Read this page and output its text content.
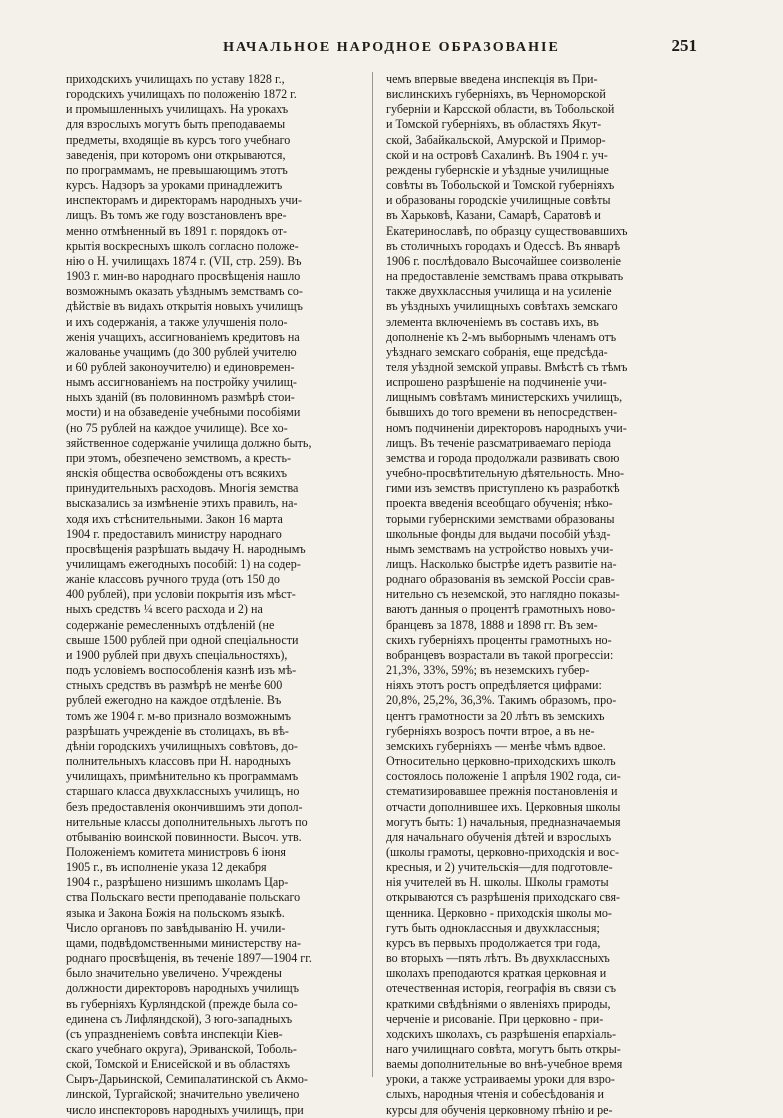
НАЧАЛЬНОЕ НАРОДНОЕ ОБРАЗОВАНІЕ	251
приходскихъ училищахъ по уставу 1828 г.,
городскихъ училищахъ по положенію 1872 г.
и промышленныхъ училищахъ. На урокахъ
для взрослыхъ могутъ быть преподаваемы
предметы, входящіе въ курсъ того учебнаго
заведенія, при которомъ они открываются,
по программамъ, не превышающимъ этотъ
курсъ. Надзоръ за уроками принадлежитъ
инспекторамъ и директорамъ народныхъ учи-
лищъ. Въ томъ же году возстановленъ вре-
менно отмѣненный въ 1891 г. порядокъ от-
крытія воскресныхъ школъ согласно положе-
нію о Н. училищахъ 1874 г. (VII, стр. 259). Въ
1903 г. мин-во народнаго просвѣщенія нашло
возможнымъ оказать уѣзднымъ земствамъ со-
дѣйствіе въ видахъ открытія новыхъ училищъ
и ихъ содержанія, а также улучшенія поло-
женія учащихъ, ассигнованіемъ кредитовъ на
жалованье учащимъ (до 300 рублей учителю
и 60 рублей законоучителю) и единовремен-
нымъ ассигнованіемъ на постройку училищ-
ныхъ зданій (въ половинномъ размѣрѣ стои-
мости) и на обзаведеніе учебными пособіями
(но 75 рублей на каждое училище). Все хо-
зяйственное содержаніе училища должно быть,
при этомъ, обезпечено земствомъ, а кресть-
янскія общества освобождены отъ всякихъ
принудительныхъ расходовъ. Многія земства
высказались за измѣненіе этихъ правилъ, на-
ходя ихъ стѣснительными. Закон 16 марта
1904 г. предоставилъ министру народнаго
просвѣщенія разрѣшать выдачу Н. народнымъ
училищамъ ежегодныхъ пособій: 1) на содер-
жаніе классовъ ручного труда (отъ 150 до
400 рублей), при условіи покрытія изъ мѣст-
ныхъ средствъ ¼ всего расхода и 2) на
содержаніе ремесленныхъ отдѣленій (не
свыше 1500 рублей при одной спеціальности
и 1900 рублей при двухъ спеціальностяхъ),
подъ условіемъ воспособленія казнѣ изъ мѣ-
стныхъ средствъ въ размѣрѣ не менѣе 600
рублей ежегодно на каждое отдѣленіе. Въ
томъ же 1904 г. м-во признало возможнымъ
разрѣшать учрежденіе въ столицахъ, въ вѣ-
дѣніи городскихъ училищныхъ совѣтовъ, до-
полнительныхъ классовъ при Н. народныхъ
училищахъ, примѣнительно къ программамъ
старшаго класса двухклассныхъ училищъ, но
безъ предоставленія окончившимъ эти допол-
нительные классы дополнительныхъ льготъ по
отбыванію воинской повинности. Высоч. утв.
Положеніемъ комитета министровъ 6 іюня
1905 г., въ исполненіе указа 12 декабря
1904 г., разрѣшено низшимъ школамъ Цар-
ства Польскаго вести преподаваніе польскаго
языка и Закона Божія на польскомъ языкѣ.
Число органовъ по завѣдыванію Н. учили-
щами, подвѣдомственными министерству на-
роднаго просвѣщенія, въ теченіе 1897—1904 гг.
было значительно увеличено. Учреждены
должности директоровъ народныхъ училищъ
въ губерніяхъ Курляндской (прежде была со-
единена съ Лифляндской), 3 юго-западныхъ
(съ упраздненіемъ совѣта инспекціи Кіев-
скаго учебнаго округа), Эриванской, Тоболь-
ской, Томской и Енисейской и въ областяхъ
Сыръ-Дарьинской, Семипалатинской съ Акмо-
линской, Тургайской; значительно увеличено
число инспекторовъ народныхъ училищъ, при
чемъ впервые введена инспекція въ При-
вислинскихъ губерніяхъ, въ Черноморской
губерніи и Карсской области, въ Тобольской
и Томской губерніяхъ, въ областяхъ Якут-
ской, Забайкальской, Амурской и Примор-
ской и на островѣ Сахалинѣ. Въ 1904 г. уч-
реждены губернскіе и уѣздные училищные
совѣты въ Тобольской и Томской губерніяхъ
и образованы городскіе училищные совѣты
въ Харьковѣ, Казани, Самарѣ, Саратовѣ и
Екатеринославѣ, по образцу существовавшихъ
въ столичныхъ городахъ и Одессѣ. Въ январѣ
1906 г. послѣдовало Высочайшее соизволеніе
на предоставленіе земствамъ права открывать
также двухклассныя училища и на усиленіе
въ уѣздныхъ училищныхъ совѣтахъ земскаго
элемента включеніемъ въ составъ ихъ, въ
дополненіе къ 2-мъ выборнымъ членамъ отъ
уѣзднаго земскаго собранія, еще предсѣда-
теля уѣздной земской управы. Вмѣстѣ съ тѣмъ
испрошено разрѣшеніе на подчиненіе учи-
лищнымъ совѣтамъ министерскихъ училищъ,
бывшихъ до того времени въ непосредствен-
номъ подчиненіи директоровъ народныхъ учи-
лищъ. Въ теченіе разсматриваемаго періода
земства и города продолжали развивать свою
учебно-просвѣтительную дѣятельность. Мно-
гими изъ земствъ приступлено къ разработкѣ
проекта введенія всеобщаго обученія; нѣко-
торыми губернскими земствами образованы
школьные фонды для выдачи пособій уѣзд-
нымъ земствамъ на устройство новыхъ учи-
лищъ. Насколько быстрѣе идетъ развитіе на-
роднаго образованія въ земской Россіи срав-
нительно съ неземской, это наглядно показы-
ваютъ данныя о процентѣ грамотныхъ ново-
бранцевъ за 1878, 1888 и 1898 гг. Въ зем-
скихъ губерніяхъ проценты грамотныхъ но-
вобранцевъ возрастали въ такой прогрессіи:
21,3%, 33%, 59%; въ неземскихъ губер-
ніяхъ этотъ ростъ опредѣляется цифрами:
20,8%, 25,2%, 36,3%. Такимъ образомъ, про-
центъ грамотности за 20 лѣтъ въ земскихъ
губерніяхъ возросъ почти втрое, а въ не-
земскихъ губерніяхъ — менѣе чѣмъ вдвое.
Относительно церковно-приходскихъ школъ
состоялось положеніе 1 апрѣля 1902 года, си-
стематизировавшее прежнія постановленія и
отчасти дополнившее ихъ. Церковныя школы
могутъ быть: 1) начальныя, предназначаемыя
для начальнаго обученія дѣтей и взрослыхъ
(школы грамоты, церковно-приходскія и вос-
кресныя, и 2) учительскія—для подготовле-
нія учителей въ Н. школы. Школы грамоты
открываются съ разрѣшенія приходскаго свя-
щенника. Церковно - приходскія школы мо-
гутъ быть одноклассныя и двухклассныя;
курсъ въ первыхъ продолжается три года,
во вторыхъ —пять лѣтъ. Въ двухклассныхъ
школахъ преподаются краткая церковная и
отечественная исторія, географія въ связи съ
краткими свѣдѣніями о явленіяхъ природы,
черченіе и рисованіе. При церковно - при-
ходскихъ школахъ, съ разрѣшенія епархіаль-
наго училищнаго совѣта, могутъ быть откры-
ваемы дополнительные во внѣ-учебное время
уроки, а также устраиваемы уроки для взро-
слыхъ, народныя чтенія и собесѣдованія и
курсы для обученія церковному пѣнію и ре-
